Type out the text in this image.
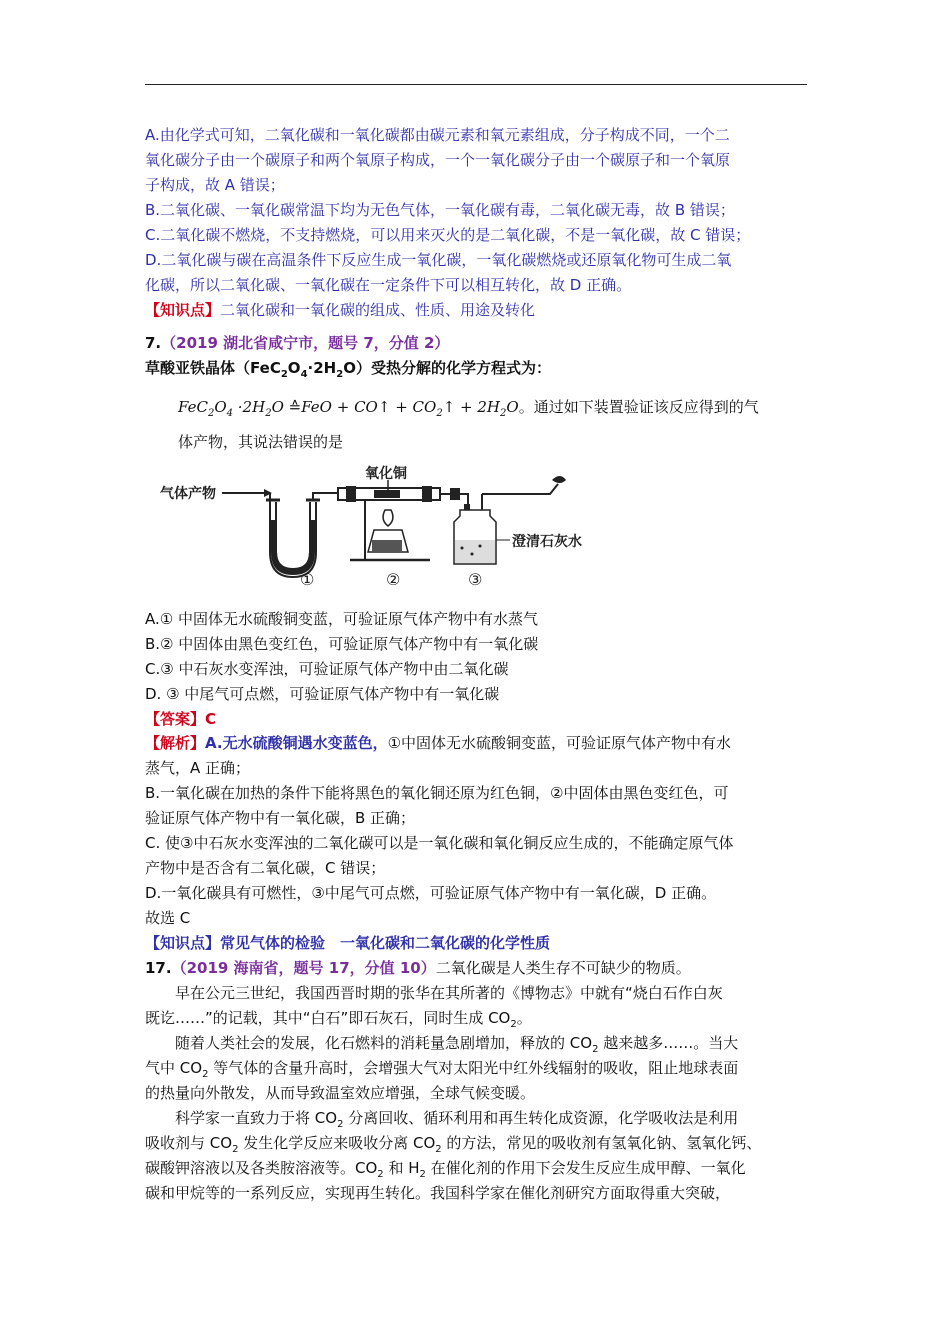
A.由化学式可知，二氧化碳和一氧化碳都由碳元素和氧元素组成，分子构成不同，一个二
氧化碳分子由一个碳原子和两个氧原子构成，一个一氧化碳分子由一个碳原子和一个氧原
子构成，故 A 错误；
B.二氧化碳、一氧化碳常温下均为无色气体，一氧化碳有毒，二氧化碳无毒，故 B 错误；
C.二氧化碳不燃烧，不支持燃烧，可以用来灭火的是二氧化碳，不是一氧化碳，故 C 错误；
D.二氧化碳与碳在高温条件下反应生成一氧化碳，一氧化碳燃烧或还原氧化物可生成二氧
化碳，所以二氧化碳、一氧化碳在一定条件下可以相互转化，故 D 正确。
【知识点】二氧化碳和一氧化碳的组成、性质、用途及转化
7.（2019 湖北省咸宁市，题号 7，分值 2）
草酸亚铁晶体$(FeC_2O_4\cdot 2H_2O)$受热分解的化学方程式为：
$FeC_2O_4 \cdot 2H_2O$ ≙FeO + CO↑ + $CO_2↑ + 2H_2O$。通过如下装置验证该反应得到的气
体产物，其说法错误的是
气体产物
①
氧化铜
②
澄清石灰水
③
A.① 中固体无水硫酸铜变蓝，可验证原气体产物中有水蒸气
B.② 中固体由黑色变红色，可验证原气体产物中有一氧化碳
C.③ 中石灰水变浑浊，可验证原气体产物中由二氧化碳
D. ③ 中尾气可点燃，可验证原气体产物中有一氧化碳
【答案】C
【解析】A.无水硫酸铜遇水变蓝色，①中固体无水硫酸铜变蓝，可验证原气体产物中有水
蒸气，A 正确；
B.一氧化碳在加热的条件下能将黑色的氧化铜还原为红色铜，②中固体由黑色变红色，可
验证原气体产物中有一氧化碳，B 正确；
C. 使③中石灰水变浑浊的二氧化碳可以是一氧化碳和氧化铜反应生成的，不能确定原气体
产物中是否含有二氧化碳，C 错误；
D.一氧化碳具有可燃性，③中尾气可点燃，可验证原气体产物中有一氧化碳，D 正确。
故选 C
【知识点】常见气体的检验　一氧化碳和二氧化碳的化学性质
17.（2019 海南省，题号 17，分值 10）二氧化碳是人类生存不可缺少的物质。
早在公元三世纪，我国西晋时期的张华在其所著的《博物志》中就有“烧白石作白灰
既讫……”的记载，其中“白石”即石灰石，同时生成 $CO_2$。
随着人类社会的发展，化石燃料的消耗量急剧增加，释放的 $CO_2$ 越来越多……。当大
气中 $CO_2$ 等气体的含量升高时，会增强大气对太阳光中红外线辐射的吸收，阻止地球表面
的热量向外散发，从而导致温室效应增强，全球气候变暖。
科学家一直致力于将 $CO_2$ 分离回收、循环利用和再生转化成资源，化学吸收法是利用
吸收剂与 $CO_2$ 发生化学反应来吸收分离 $CO_2$ 的方法，常见的吸收剂有氢氧化钠、氢氧化钙、
碳酸钾溶液以及各类胺溶液等。$CO_2$ 和 $H_2$ 在催化剂的作用下会发生反应生成甲醇、一氧化
碳和甲烷等的一系列反应，实现再生转化。我国科学家在催化剂研究方面取得重大突破，
